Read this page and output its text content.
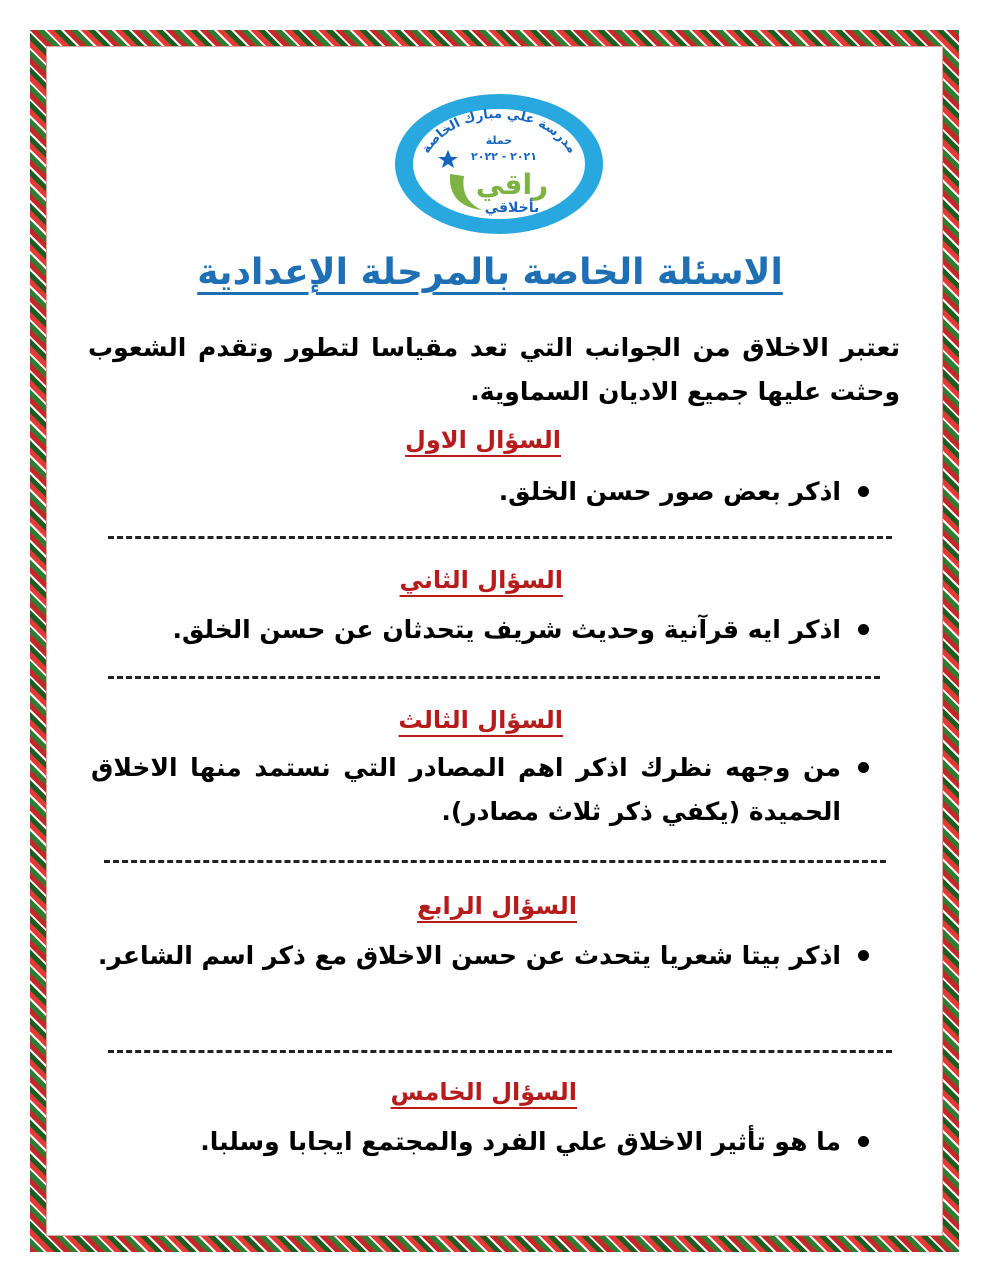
مدرسة علي مبارك الخاصة
حملة
٢٠٢١ - ٢٠٢٢
راقي
بأخلاقي
الاسئلة الخاصة بالمرحلة الإعدادية
تعتبر الاخلاق من الجوانب التي تعد مقياسا لتطور وتقدم الشعوب وحثت عليها جميع الاديان السماوية.
السؤال الاول
اذكر بعض صور حسن الخلق.
السؤال الثاني
اذكر ايه قرآنية وحديث شريف يتحدثان عن حسن الخلق.
السؤال الثالث
من وجهه نظرك اذكر اهم المصادر التي نستمد منها الاخلاق الحميدة (يكفي ذكر ثلاث مصادر).
السؤال الرابع
اذكر بيتا شعريا يتحدث عن حسن الاخلاق مع ذكر اسم الشاعر.
السؤال الخامس
ما هو تأثير الاخلاق علي الفرد والمجتمع ايجابا وسلبا.
